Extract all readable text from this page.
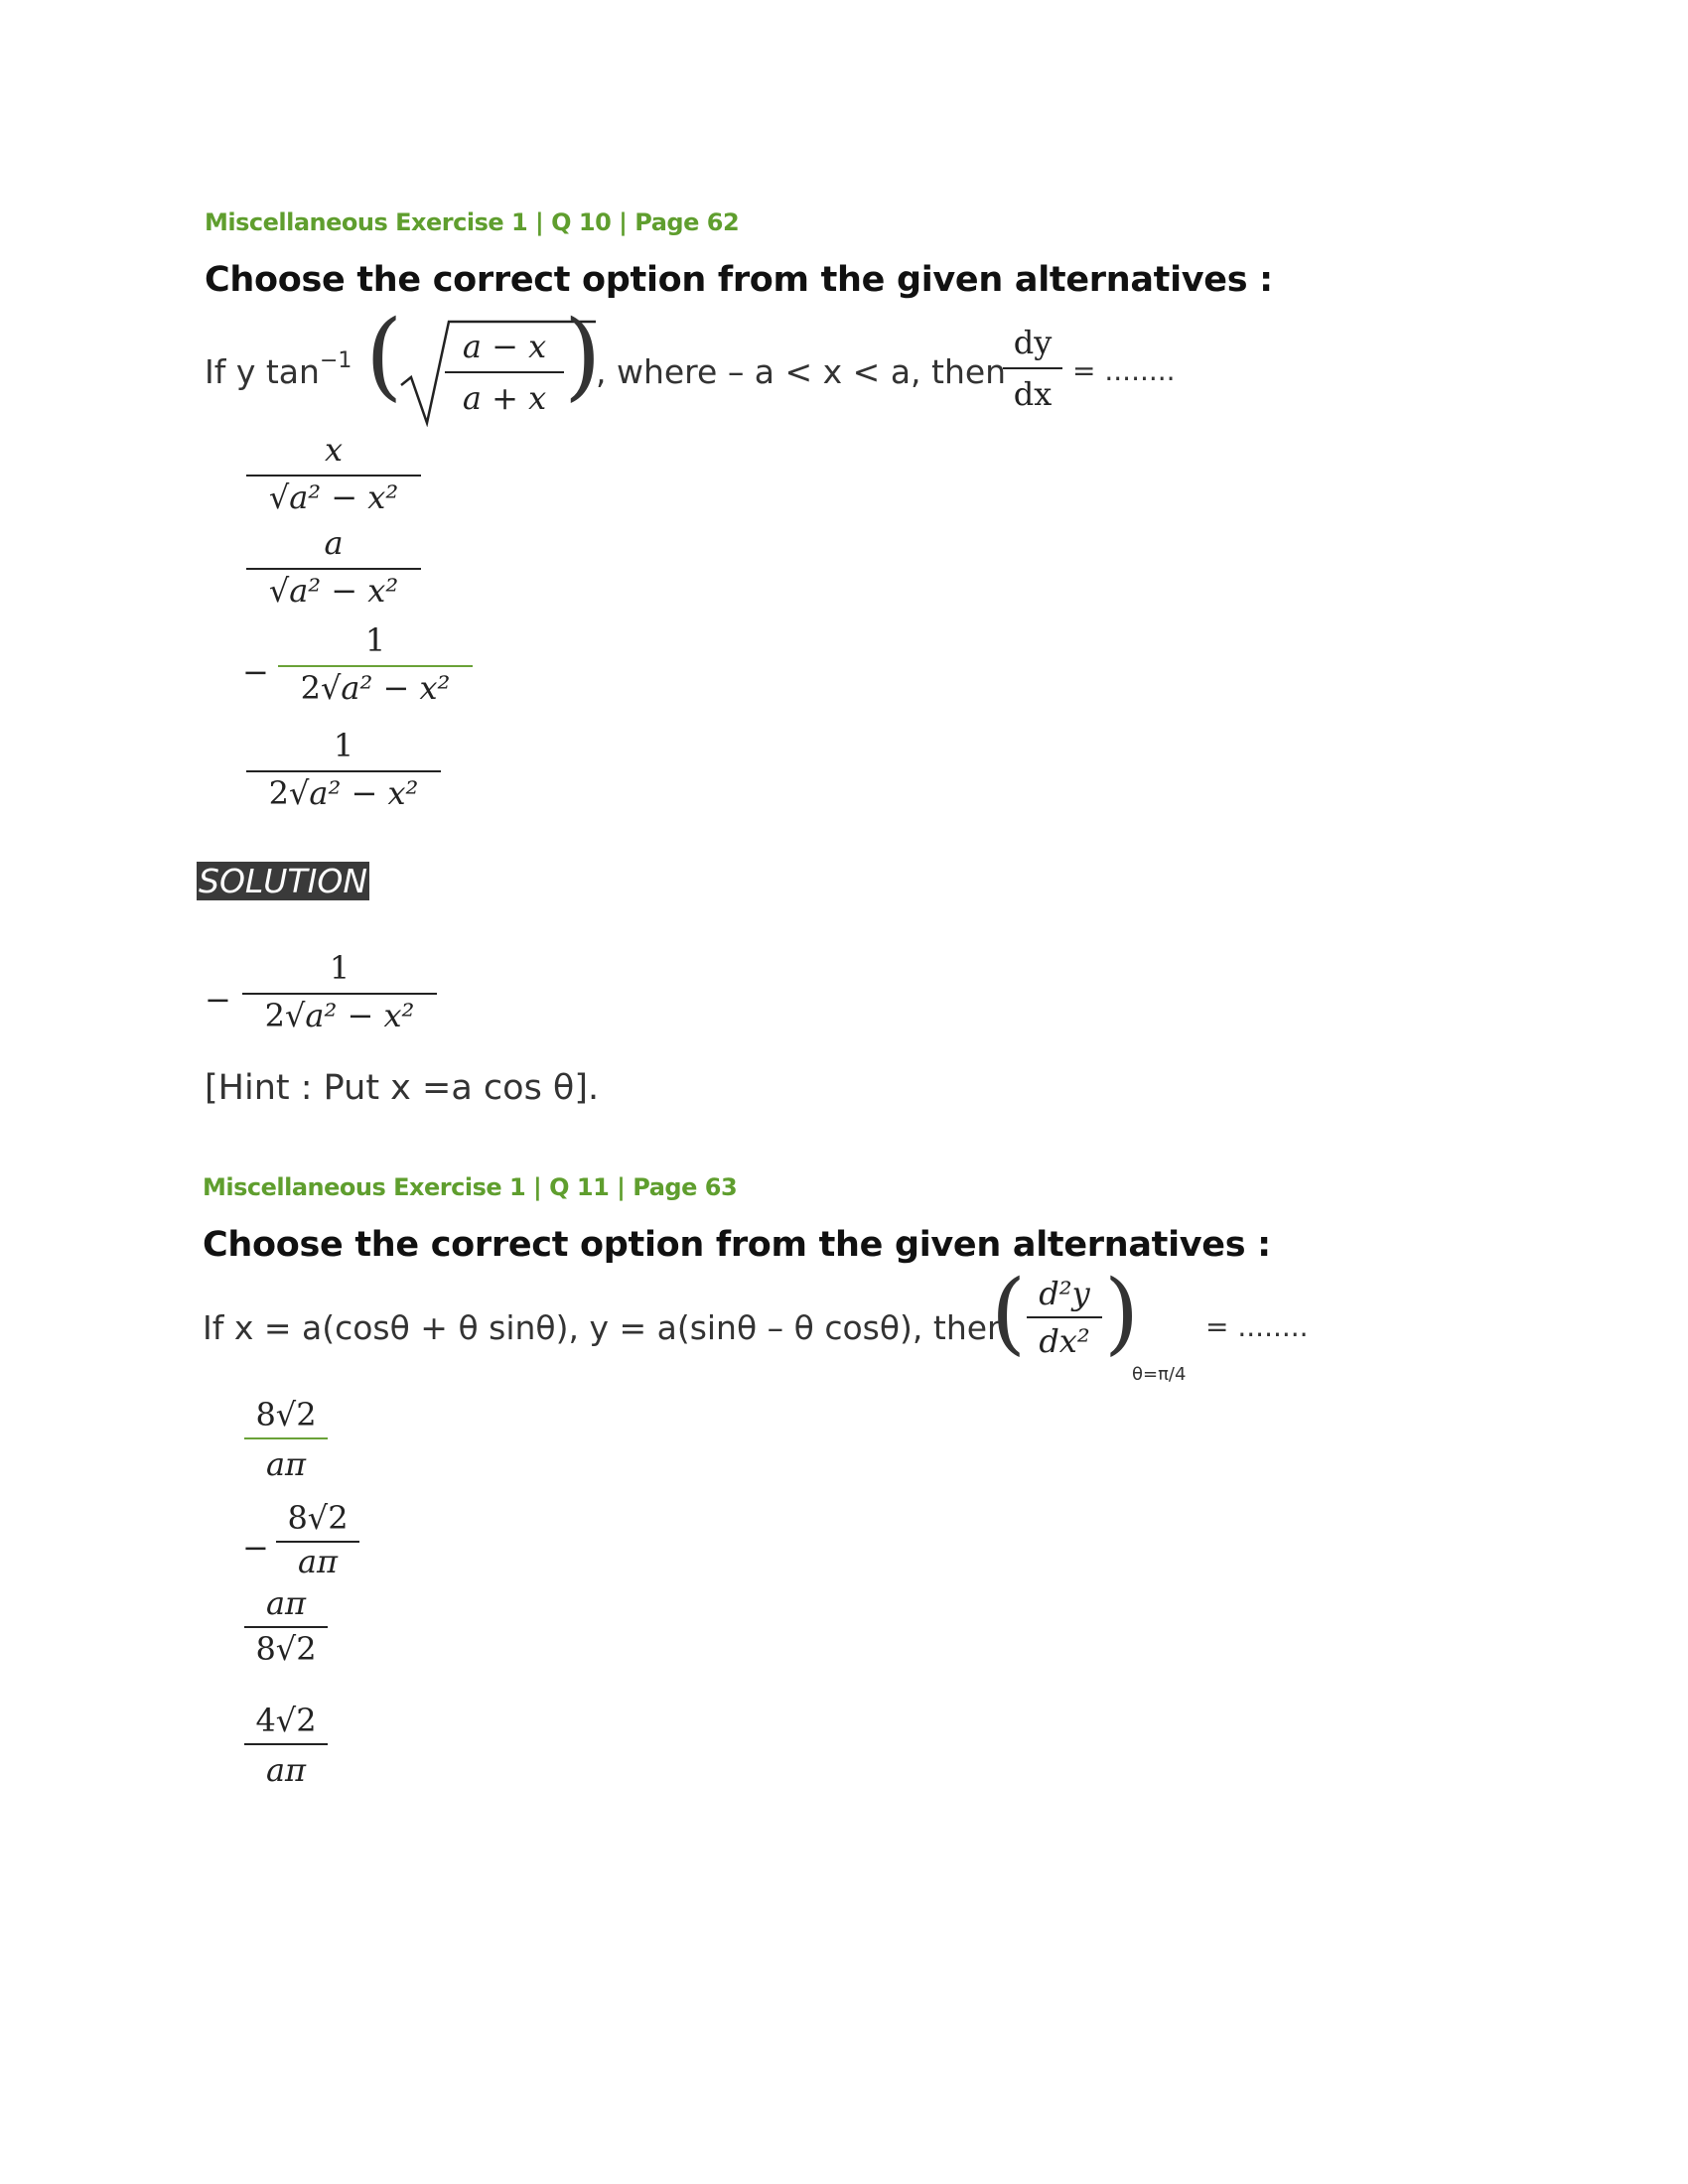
Miscellaneous Exercise 1 | Q 10 | Page 62
Choose the correct option from the given alternatives :
If y $\tan^{-1}$ (	a − x
a + x )
, where – a < x < a, then
dy
dx
= ........
x
√a² − x²
a
√a² − x²
−
1
2√a² − x²
1
2√a² − x²
SOLUTION
−
1
2√a² − x²
[Hint : Put x =a cos θ].
Miscellaneous Exercise 1 | Q 11 | Page 63
Choose the correct option from the given alternatives :
If x = a(cosθ + θ sinθ), y = a(sinθ – θ cosθ), then
( d²y
dx² )
θ=π/4
= ........
8√2
aπ
−
8√2
aπ
aπ
8√2
4√2
aπ
